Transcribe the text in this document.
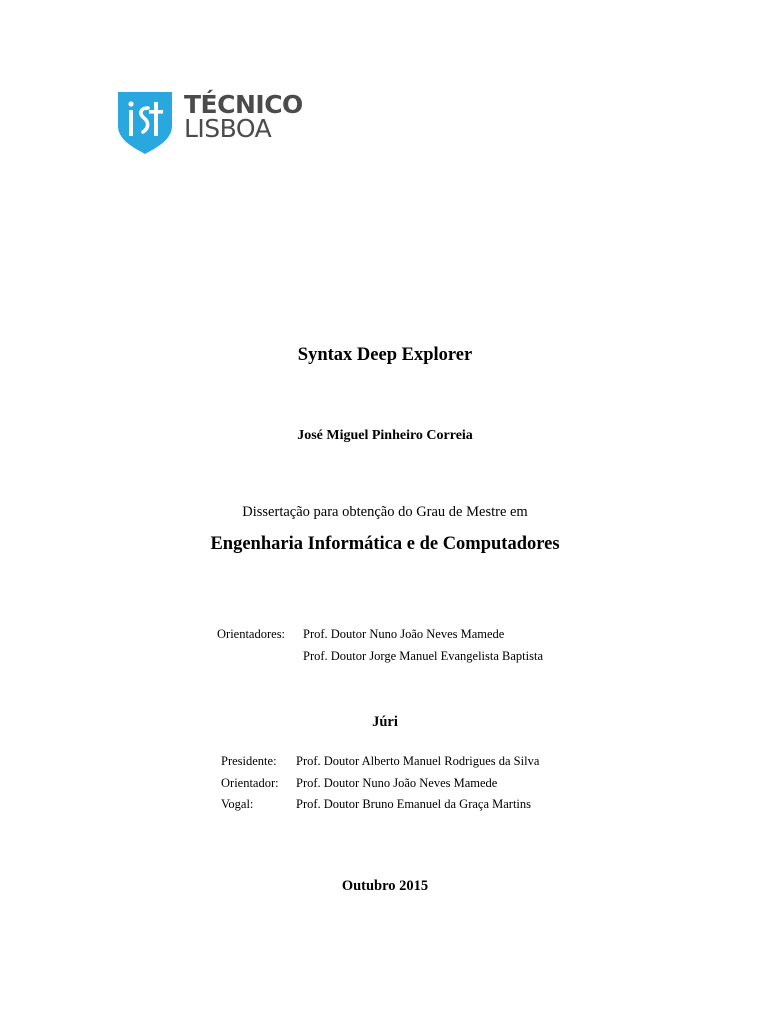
TÉCNICO
LISBOA
Syntax Deep Explorer
José Miguel Pinheiro Correia
Dissertação para obtenção do Grau de Mestre em
Engenharia Informática e de Computadores
Orientadores: Prof. Doutor Nuno João Neves Mamede
Prof. Doutor Jorge Manuel Evangelista Baptista
Júri
Presidente: Prof. Doutor Alberto Manuel Rodrigues da Silva
Orientador: Prof. Doutor Nuno João Neves Mamede
Vogal:	Prof. Doutor Bruno Emanuel da Graça Martins
Outubro 2015
